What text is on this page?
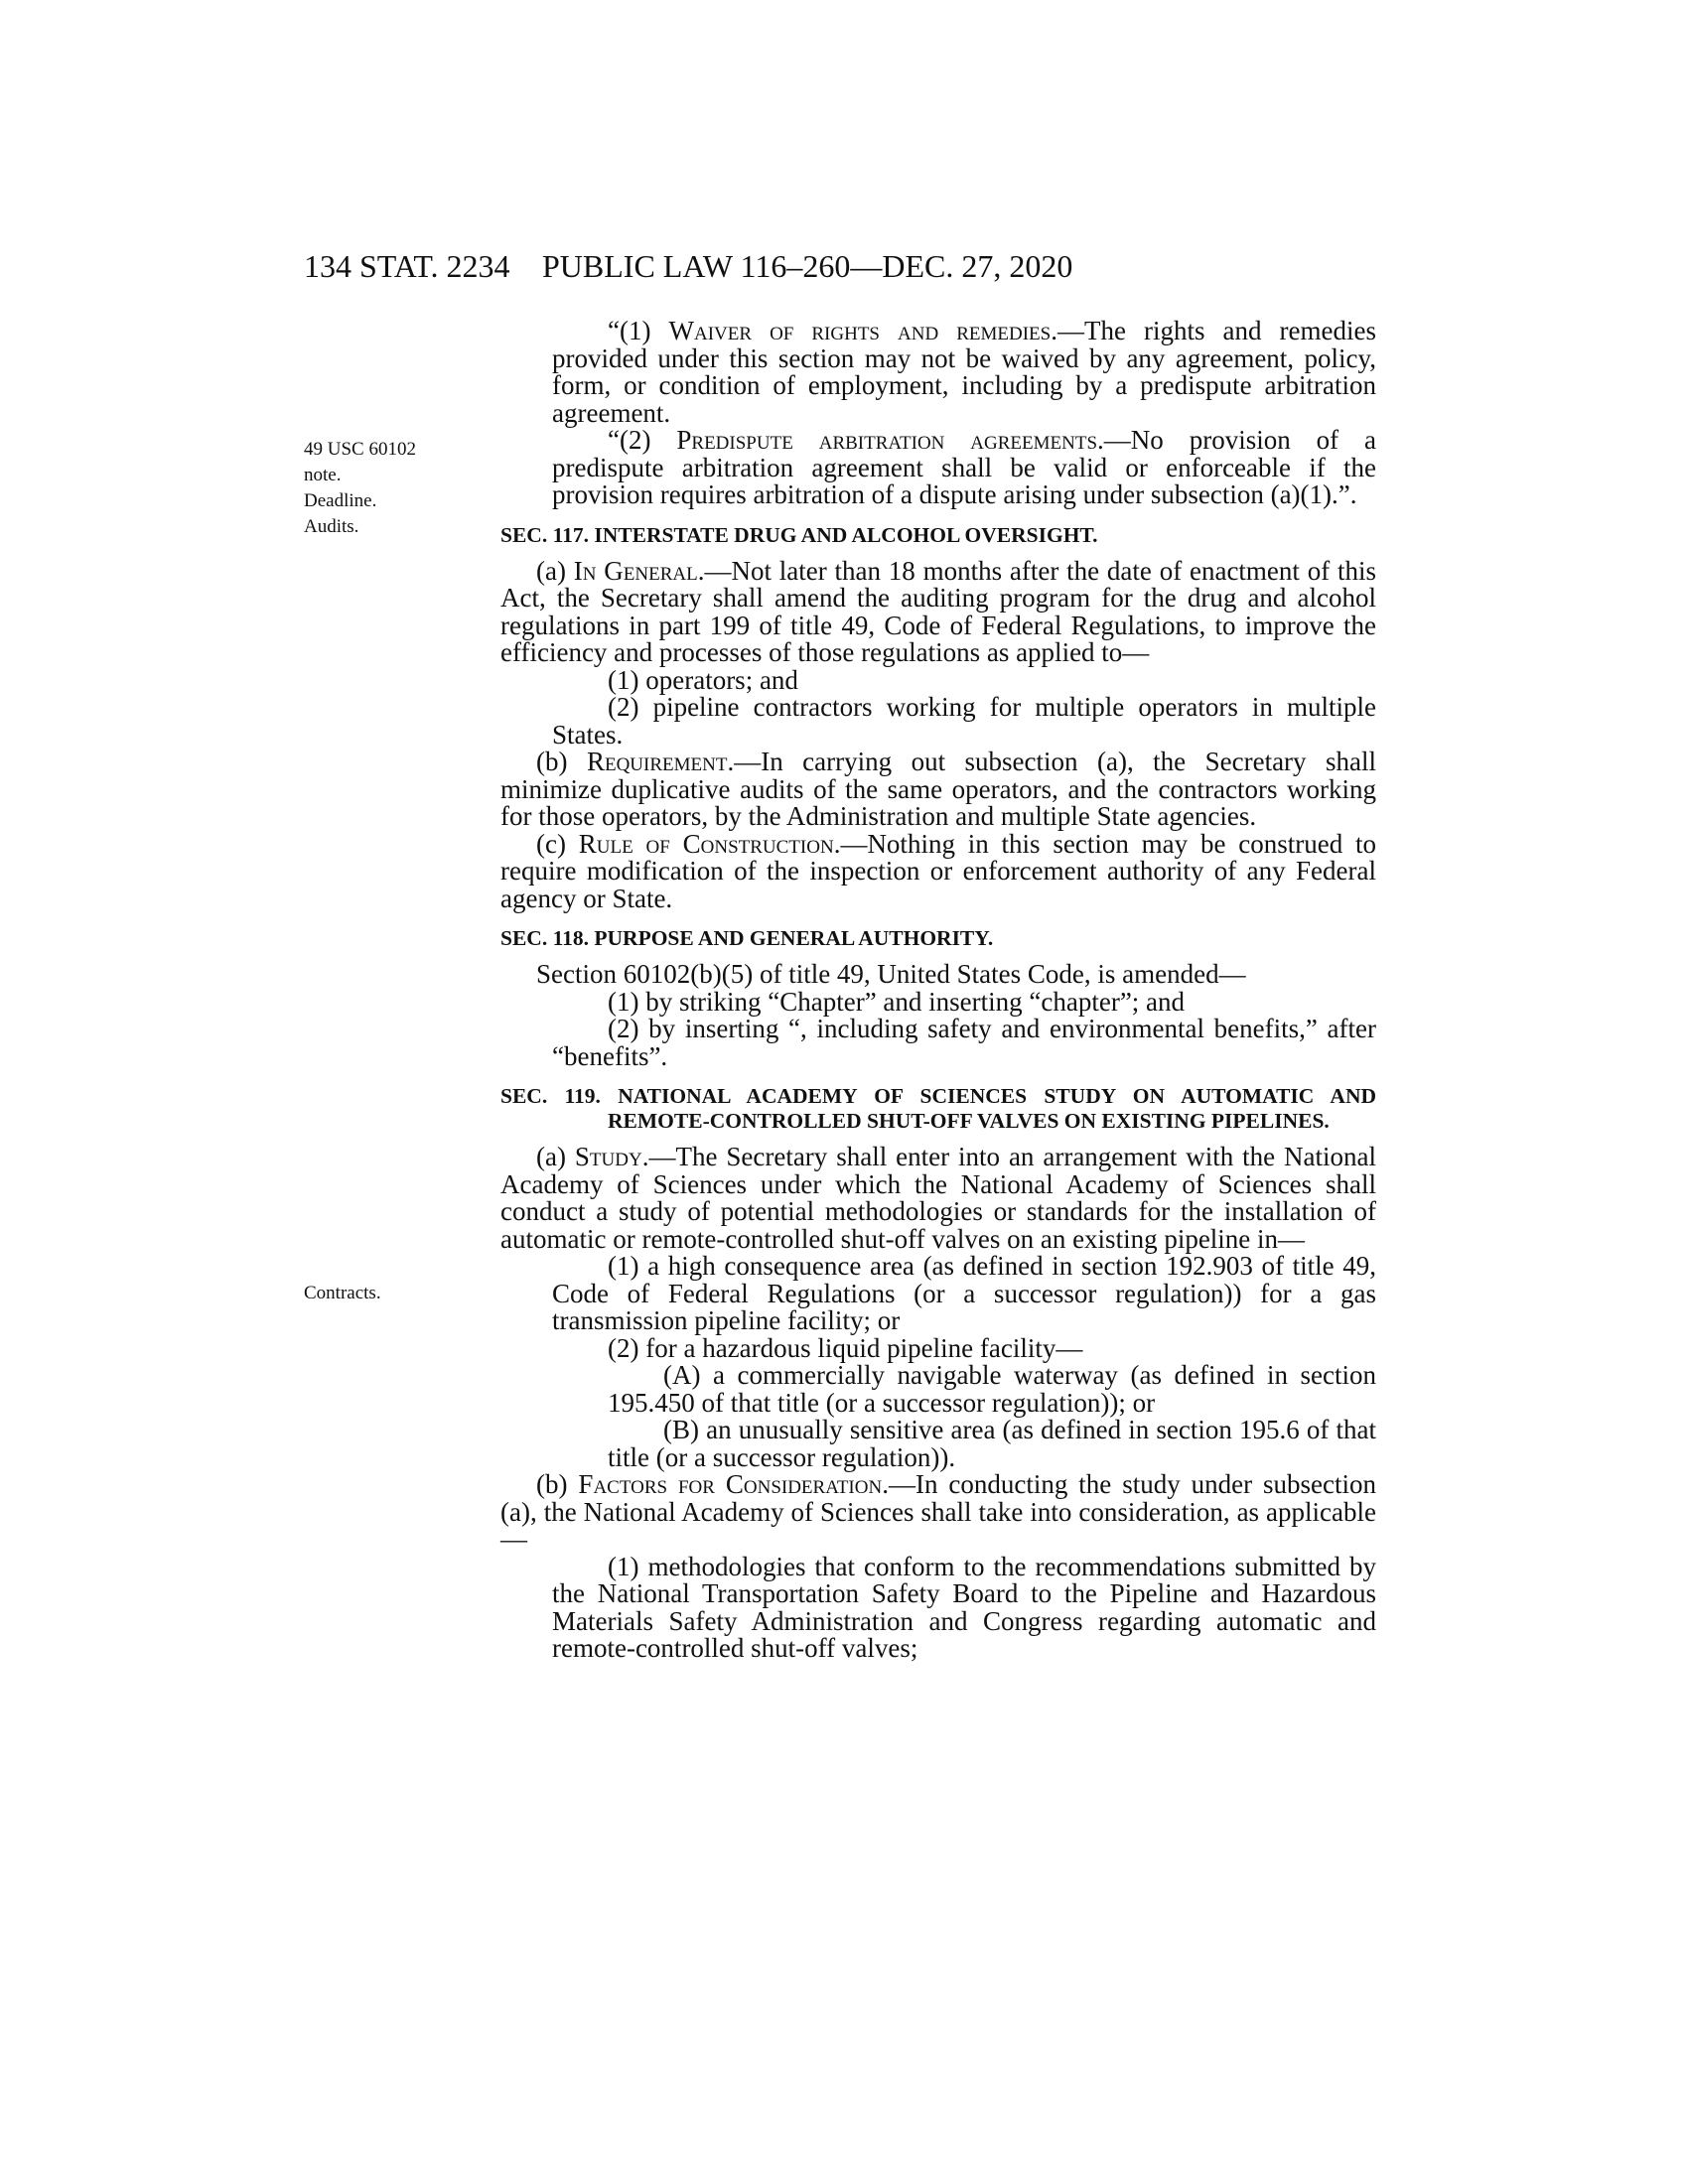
134 STAT. 2234 PUBLIC LAW 116–260—DEC. 27, 2020
49 USC 60102
note.
Deadline.
Audits.
Contracts.

“(1) Waiver of rights and remedies.—The rights and remedies provided under this section may not be waived by any agreement, policy, form, or condition of employment, including by a predispute arbitration agreement.

“(2) Predispute arbitration agreements.—No provision of a predispute arbitration agreement shall be valid or enforceable if the provision requires arbitration of a dispute arising under subsection (a)(1).”.

SEC. 117. INTERSTATE DRUG AND ALCOHOL OVERSIGHT.

(a) In General.—Not later than 18 months after the date of enactment of this Act, the Secretary shall amend the auditing program for the drug and alcohol regulations in part 199 of title 49, Code of Federal Regulations, to improve the efficiency and processes of those regulations as applied to—

(1) operators; and

(2) pipeline contractors working for multiple operators in multiple States.

(b) Requirement.—In carrying out subsection (a), the Secretary shall minimize duplicative audits of the same operators, and the contractors working for those operators, by the Administration and multiple State agencies.

(c) Rule of Construction.—Nothing in this section may be construed to require modification of the inspection or enforcement authority of any Federal agency or State.

SEC. 118. PURPOSE AND GENERAL AUTHORITY.

Section 60102(b)(5) of title 49, United States Code, is amended—

(1) by striking “Chapter” and inserting “chapter”; and

(2) by inserting “, including safety and environmental benefits,” after “benefits”.

SEC. 119. NATIONAL ACADEMY OF SCIENCES STUDY ON AUTOMATIC AND REMOTE-CONTROLLED SHUT-OFF VALVES ON EXISTING PIPELINES.

(a) Study.—The Secretary shall enter into an arrangement with the National Academy of Sciences under which the National Academy of Sciences shall conduct a study of potential methodologies or standards for the installation of automatic or remote-controlled shut-off valves on an existing pipeline in—

(1) a high consequence area (as defined in section 192.903 of title 49, Code of Federal Regulations (or a successor regulation)) for a gas transmission pipeline facility; or

(2) for a hazardous liquid pipeline facility—

(A) a commercially navigable waterway (as defined in section 195.450 of that title (or a successor regulation)); or

(B) an unusually sensitive area (as defined in section 195.6 of that title (or a successor regulation)).

(b) Factors for Consideration.—In conducting the study under subsection (a), the National Academy of Sciences shall take into consideration, as applicable—

(1) methodologies that conform to the recommendations submitted by the National Transportation Safety Board to the Pipeline and Hazardous Materials Safety Administration and Congress regarding automatic and remote-controlled shut-off valves;
